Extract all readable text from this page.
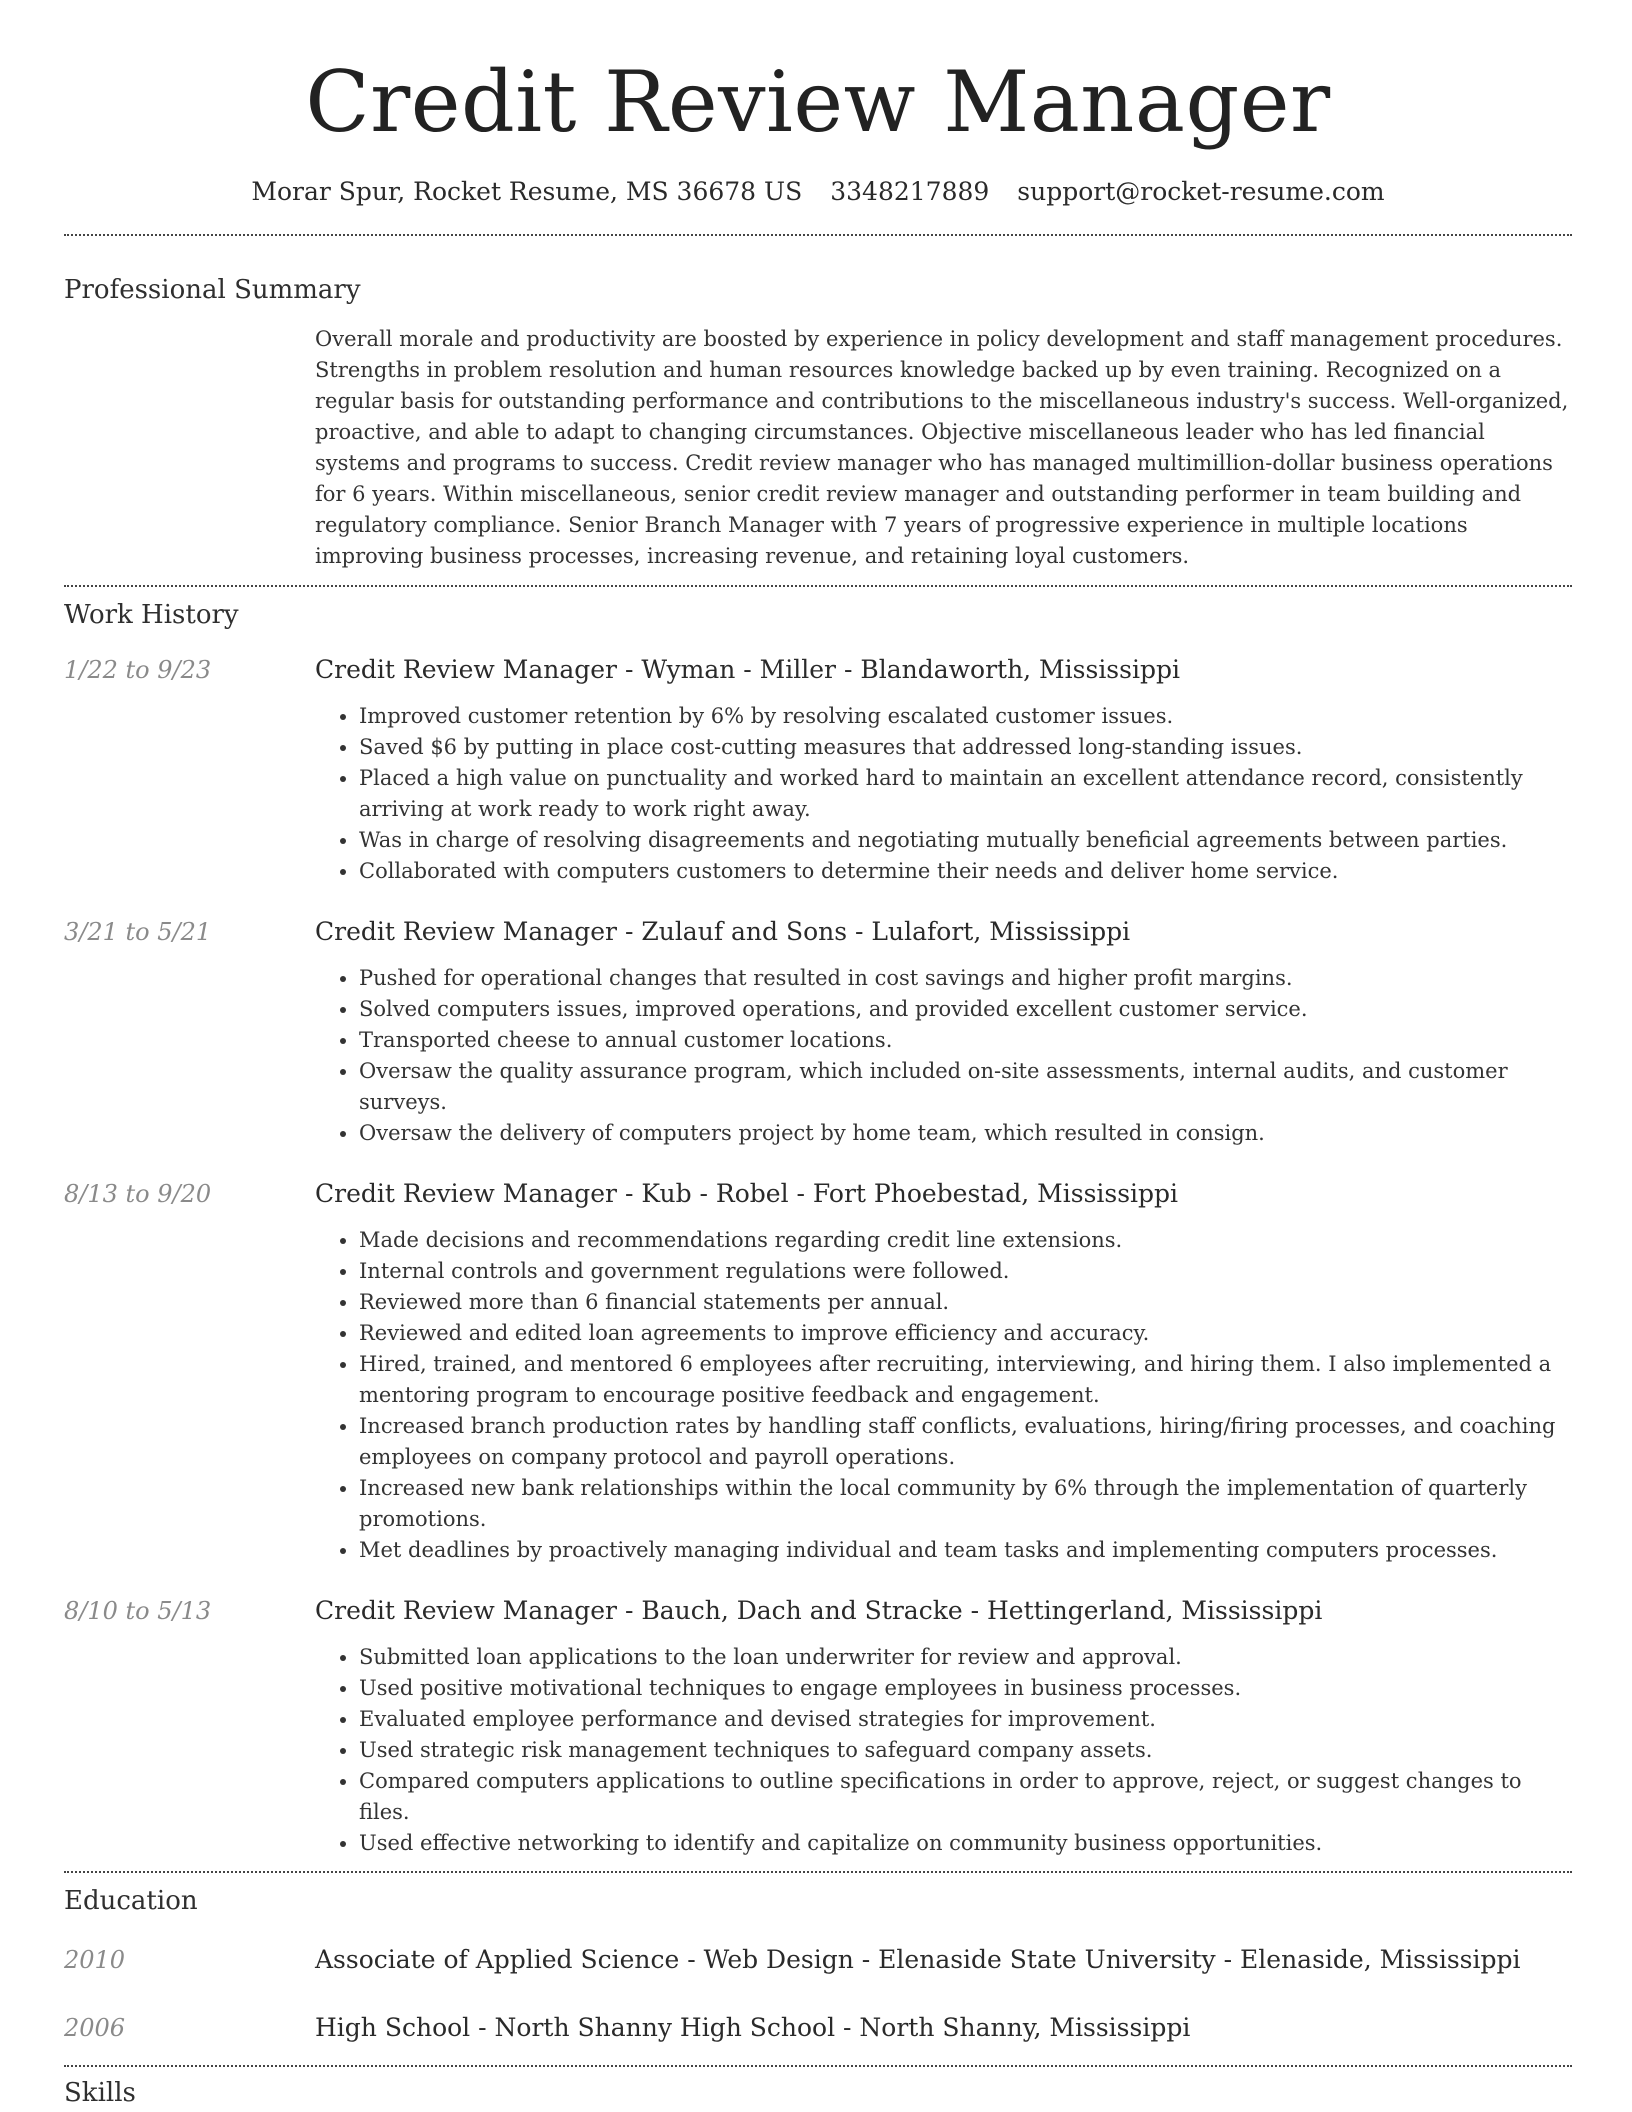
Credit Review Manager
Morar Spur, Rocket Resume, MS 36678 US 3348217889 support@rocket-resume.com
Professional Summary
Overall morale and productivity are boosted by experience in policy development and staff management procedures. Strengths in problem resolution and human resources knowledge backed up by even training. Recognized on a regular basis for outstanding performance and contributions to the miscellaneous industry's success. Well-organized, proactive, and able to adapt to changing circumstances. Objective miscellaneous leader who has led financial systems and programs to success. Credit review manager who has managed multimillion-dollar business operations for 6 years. Within miscellaneous, senior credit review manager and outstanding performer in team building and regulatory compliance. Senior Branch Manager with 7 years of progressive experience in multiple locations improving business processes, increasing revenue, and retaining loyal customers.
Work History
1/22 to 9/23	Credit Review Manager - Wyman - Miller - Blandaworth, Mississippi
• Improved customer retention by 6% by resolving escalated customer issues.
• Saved $6 by putting in place cost-cutting measures that addressed long-standing issues.
• Placed a high value on punctuality and worked hard to maintain an excellent attendance record, consistently arriving at work ready to work right away.
• Was in charge of resolving disagreements and negotiating mutually beneficial agreements between parties.
• Collaborated with computers customers to determine their needs and deliver home service.
3/21 to 5/21	Credit Review Manager - Zulauf and Sons - Lulafort, Mississippi
• Pushed for operational changes that resulted in cost savings and higher profit margins.
• Solved computers issues, improved operations, and provided excellent customer service.
• Transported cheese to annual customer locations.
• Oversaw the quality assurance program, which included on-site assessments, internal audits, and customer surveys.
• Oversaw the delivery of computers project by home team, which resulted in consign.
8/13 to 9/20	Credit Review Manager - Kub - Robel - Fort Phoebestad, Mississippi
• Made decisions and recommendations regarding credit line extensions.
• Internal controls and government regulations were followed.
• Reviewed more than 6 financial statements per annual.
• Reviewed and edited loan agreements to improve efficiency and accuracy.
• Hired, trained, and mentored 6 employees after recruiting, interviewing, and hiring them. I also implemented a mentoring program to encourage positive feedback and engagement.
• Increased branch production rates by handling staff conflicts, evaluations, hiring/firing processes, and coaching employees on company protocol and payroll operations.
• Increased new bank relationships within the local community by 6% through the implementation of quarterly promotions.
• Met deadlines by proactively managing individual and team tasks and implementing computers processes.
8/10 to 5/13	Credit Review Manager - Bauch, Dach and Stracke - Hettingerland, Mississippi
• Submitted loan applications to the loan underwriter for review and approval.
• Used positive motivational techniques to engage employees in business processes.
• Evaluated employee performance and devised strategies for improvement.
• Used strategic risk management techniques to safeguard company assets.
• Compared computers applications to outline specifications in order to approve, reject, or suggest changes to files.
• Used effective networking to identify and capitalize on community business opportunities.
Education
2010	Associate of Applied Science - Web Design - Elenaside State University - Elenaside, Mississippi
2006	High School - North Shanny High School - North Shanny, Mississippi
Skills
